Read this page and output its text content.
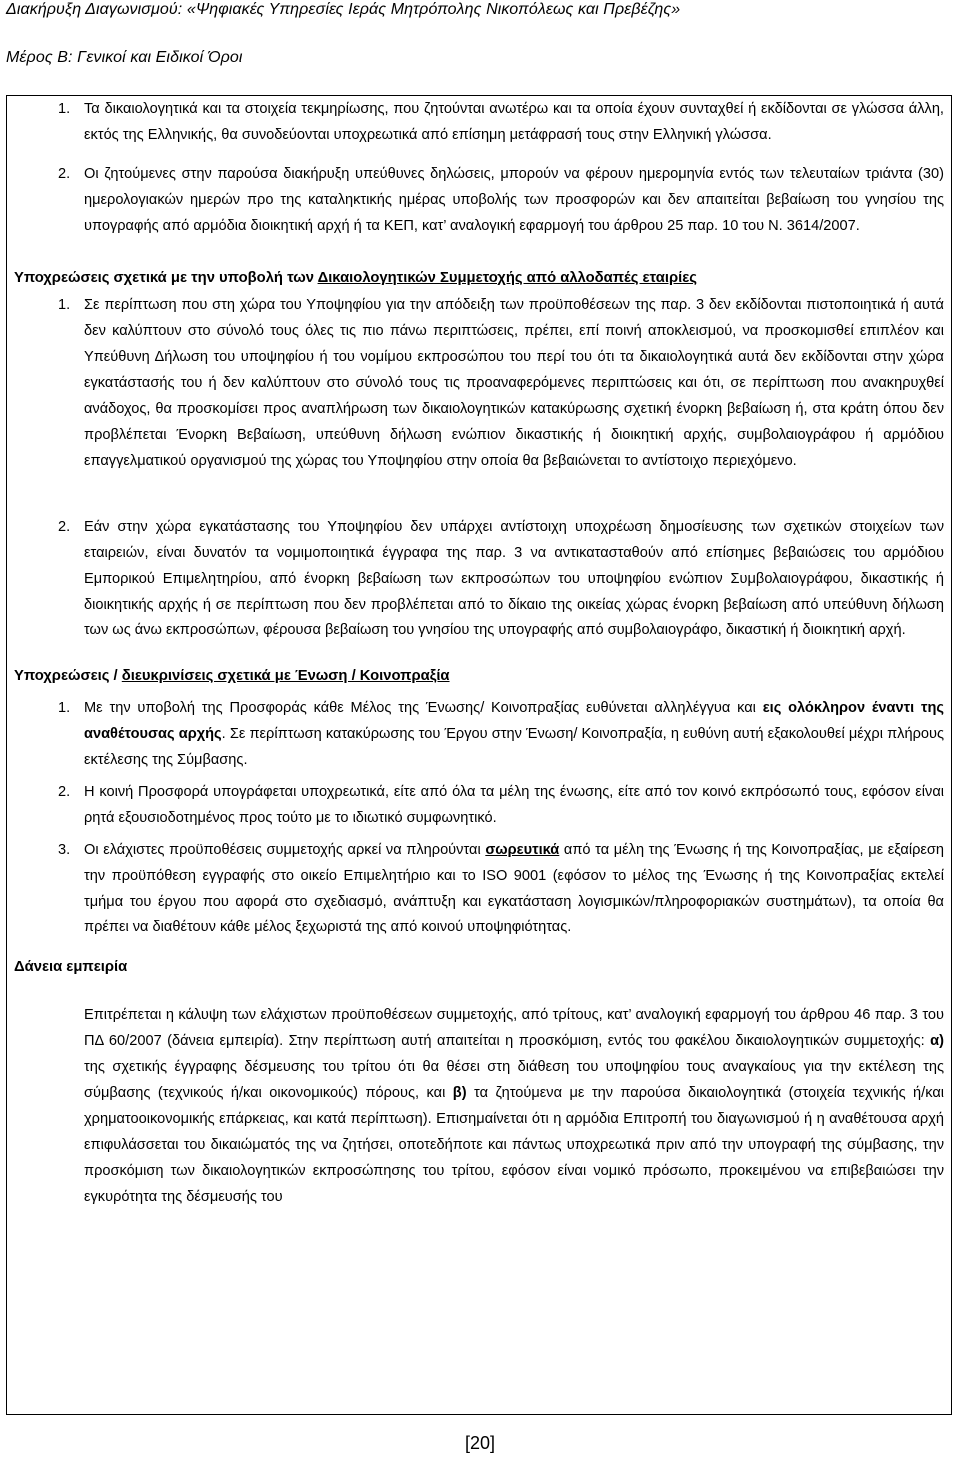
Διακήρυξη Διαγωνισμού: «Ψηφιακές Υπηρεσίες Ιεράς Μητρόπολης Νικοπόλεως και Πρεβέζης»
Μέρος Β: Γενικοί και Ειδικοί Όροι
1. Τα δικαιολογητικά και τα στοιχεία τεκμηρίωσης, που ζητούνται ανωτέρω και τα οποία έχουν συνταχθεί ή εκδίδονται σε γλώσσα άλλη, εκτός της Ελληνικής, θα συνοδεύονται υποχρεωτικά από επίσημη μετάφρασή τους στην Ελληνική γλώσσα.

2. Οι ζητούμενες στην παρούσα διακήρυξη υπεύθυνες δηλώσεις, μπορούν να φέρουν ημερομηνία εντός των τελευταίων τριάντα (30) ημερολογιακών ημερών προ της καταληκτικής ημέρας υποβολής των προσφορών και δεν απαιτείται βεβαίωση του γνησίου της υπογραφής από αρμόδια διοικητική αρχή ή τα ΚΕΠ, κατ’ αναλογική εφαρμογή του άρθρου 25 παρ. 10 του Ν. 3614/2007.

Υποχρεώσεις σχετικά με την υποβολή των Δικαιολογητικών Συμμετοχής από αλλοδαπές εταιρίες

1. Σε περίπτωση που στη χώρα του Υποψηφίου για την απόδειξη των προϋποθέσεων της παρ. 3 δεν εκδίδονται πιστοποιητικά ή αυτά δεν καλύπτουν στο σύνολό τους όλες τις πιο πάνω περιπτώσεις, πρέπει, επί ποινή αποκλεισμού, να προσκομισθεί επιπλέον και Υπεύθυνη Δήλωση του υποψηφίου ή του νομίμου εκπροσώπου του περί του ότι τα δικαιολογητικά αυτά δεν εκδίδονται στην χώρα εγκατάστασής του ή δεν καλύπτουν στο σύνολό τους τις προαναφερόμενες περιπτώσεις και ότι, σε περίπτωση που ανακηρυχθεί ανάδοχος, θα προσκομίσει προς αναπλήρωση των δικαιολογητικών κατακύρωσης σχετική ένορκη βεβαίωση ή, στα κράτη όπου δεν προβλέπεται Ένορκη Βεβαίωση, υπεύθυνη δήλωση ενώπιον δικαστικής ή διοικητική αρχής, συμβολαιογράφου ή αρμόδιου επαγγελματικού οργανισμού της χώρας του Υποψηφίου στην οποία θα βεβαιώνεται το αντίστοιχο περιεχόμενο.

2. Εάν στην χώρα εγκατάστασης του Υποψηφίου δεν υπάρχει αντίστοιχη υποχρέωση δημοσίευσης των σχετικών στοιχείων των εταιρειών, είναι δυνατόν τα νομιμοποιητικά έγγραφα της παρ. 3 να αντικατασταθούν από επίσημες βεβαιώσεις του αρμόδιου Εμπορικού Επιμελητηρίου, από ένορκη βεβαίωση των εκπροσώπων του υποψηφίου ενώπιον Συμβολαιογράφου, δικαστικής ή διοικητικής αρχής ή σε περίπτωση που δεν προβλέπεται από το δίκαιο της οικείας χώρας ένορκη βεβαίωση από υπεύθυνη δήλωση των ως άνω εκπροσώπων, φέρουσα βεβαίωση του γνησίου της υπογραφής από συμβολαιογράφο, δικαστική ή διοικητική αρχή.

Υποχρεώσεις / διευκρινίσεις σχετικά με Ένωση / Κοινοπραξία

1. Με την υποβολή της Προσφοράς κάθε Μέλος της Ένωσης/ Κοινοπραξίας ευθύνεται αλληλέγγυα και εις ολόκληρον έναντι της αναθέτουσας αρχής. Σε περίπτωση κατακύρωσης του Έργου στην Ένωση/ Κοινοπραξία, η ευθύνη αυτή εξακολουθεί μέχρι πλήρους εκτέλεσης της Σύμβασης.

2. Η κοινή Προσφορά υπογράφεται υποχρεωτικά, είτε από όλα τα μέλη της ένωσης, είτε από τον κοινό εκπρόσωπό τους, εφόσον είναι ρητά εξουσιοδοτημένος προς τούτο με το ιδιωτικό συμφωνητικό.

3. Οι ελάχιστες προϋποθέσεις συμμετοχής αρκεί να πληρούνται σωρευτικά από τα μέλη της Ένωσης ή της Κοινοπραξίας, με εξαίρεση την προϋπόθεση εγγραφής στο οικείο Επιμελητήριο και το ISO 9001 (εφόσον το μέλος της Ένωσης ή της Κοινοπραξίας εκτελεί τμήμα του έργου που αφορά στο σχεδιασμό, ανάπτυξη και εγκατάσταση λογισμικών/πληροφοριακών συστημάτων), τα οποία θα πρέπει να διαθέτουν κάθε μέλος ξεχωριστά της από κοινού υποψηφιότητας.

Δάνεια εμπειρία

Επιτρέπεται η κάλυψη των ελάχιστων προϋποθέσεων συμμετοχής, από τρίτους, κατ’ αναλογική εφαρμογή του άρθρου 46 παρ. 3 του ΠΔ 60/2007 (δάνεια εμπειρία). Στην περίπτωση αυτή απαιτείται η προσκόμιση, εντός του φακέλου δικαιολογητικών συμμετοχής: α) της σχετικής έγγραφης δέσμευσης του τρίτου ότι θα θέσει στη διάθεση του υποψηφίου τους αναγκαίους για την εκτέλεση της σύμβασης (τεχνικούς ή/και οικονομικούς) πόρους, και β) τα ζητούμενα με την παρούσα δικαιολογητικά (στοιχεία τεχνικής ή/και χρηματοοικονομικής επάρκειας, και κατά περίπτωση). Επισημαίνεται ότι η αρμόδια Επιτροπή του διαγωνισμού ή η αναθέτουσα αρχή επιφυλάσσεται του δικαιώματός της να ζητήσει, οποτεδήποτε και πάντως υποχρεωτικά πριν από την υπογραφή της σύμβασης, την προσκόμιση των δικαιολογητικών εκπροσώπησης του τρίτου, εφόσον είναι νομικό πρόσωπο, προκειμένου να επιβεβαιώσει την εγκυρότητα της δέσμευσής του

[20]
